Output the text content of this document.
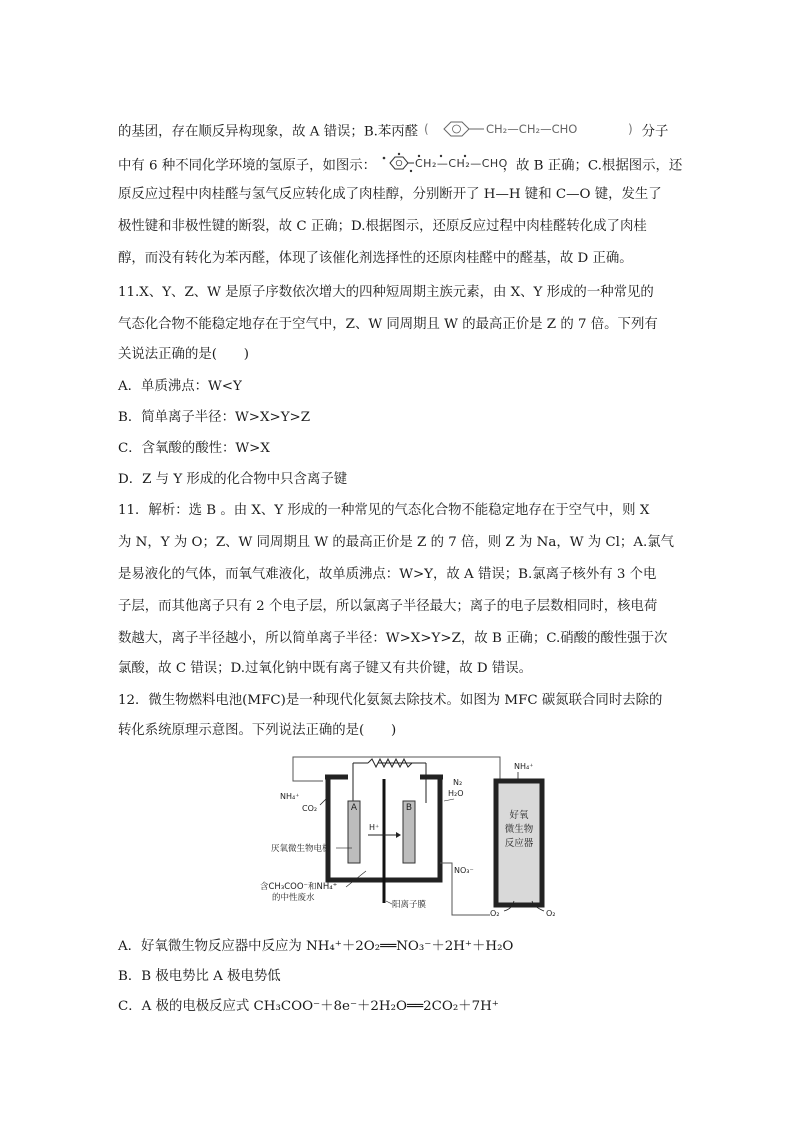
的基团，存在顺反异构现象，故 A 错误；B.苯丙醛 (	CH₂—CH₂—CHO	) 分子
中有 6 种不同化学环境的氢原子，如图示：	CH₂—CH₂—CHO
，故 B 正确；C.根据图示，还
原反应过程中肉桂醛与氢气反应转化成了肉桂醇，分别断开了 H—H 键和 C—O 键，发生了
极性键和非极性键的断裂，故 C 正确；D.根据图示，还原反应过程中肉桂醛转化成了肉桂
醇，而没有转化为苯丙醛，体现了该催化剂选择性的还原肉桂醛中的醛基，故 D 正确。
11.X、Y、Z、W 是原子序数依次增大的四种短周期主族元素，由 X、Y 形成的一种常见的
气态化合物不能稳定地存在于空气中，Z、W 同周期且 W 的最高正价是 Z 的 7 倍。下列有
关说法正确的是(　　)
A．单质沸点：W<Y
B．简单离子半径：W>X>Y>Z
C．含氧酸的酸性：W>X
D．Z 与 Y 形成的化合物中只含离子键
11．解析：选 B 。由 X、Y 形成的一种常见的气态化合物不能稳定地存在于空气中，则 X
为 N，Y 为 O；Z、W 同周期且 W 的最高正价是 Z 的 7 倍，则 Z 为 Na，W 为 Cl；A.氯气
是易液化的气体，而氧气难液化，故单质沸点：W>Y，故 A 错误；B.氯离子核外有 3 个电
子层，而其他离子只有 2 个电子层，所以氯离子半径最大；离子的电子层数相同时，核电荷
数越大，离子半径越小，所以简单离子半径：W>X>Y>Z，故 B 正确；C.硝酸的酸性强于次
氯酸，故 C 错误；D.过氧化钠中既有离子键又有共价键，故 D 错误。
12．微生物燃料电池(MFC)是一种现代化氨氮去除技术。如图为 MFC 碳氮联合同时去除的
转化系统原理示意图。下列说法正确的是(　　)
A	B
H⁺
NH₄⁺
CO₂
厌氧微生物电极
含CH₃COO⁻和NH₄⁺
的中性废水
阳离子膜
N₂
H₂O
NO₃⁻
好氧
微生物
反应器
NH₄⁺
O₂	O₂
A．好氧微生物反应器中反应为 NH₄⁺＋2O₂══NO₃⁻＋2H⁺＋H₂O
B．B 极电势比 A 极电势低
C．A 极的电极反应式 CH₃COO⁻＋8e⁻＋2H₂O══2CO₂＋7H⁺
